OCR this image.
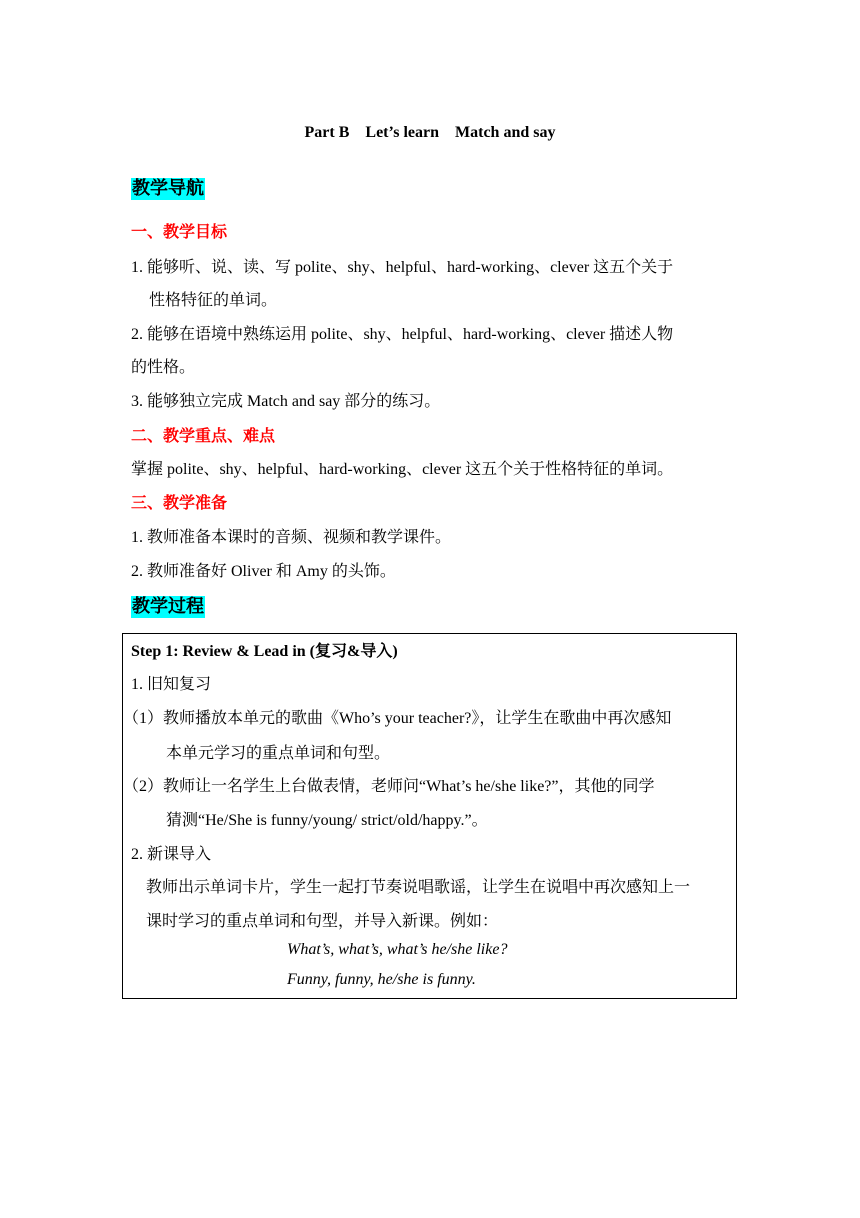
Part B    Let’s learn    Match and say
教学导航
一、教学目标
1. 能够听、说、读、写 polite、shy、helpful、hard-working、clever 这五个关于
性格特征的单词。
2. 能够在语境中熟练运用 polite、shy、helpful、hard-working、clever 描述人物
的性格。
3. 能够独立完成 Match and say 部分的练习。
二、教学重点、难点
掌握 polite、shy、helpful、hard-working、clever 这五个关于性格特征的单词。
三、教学准备
1. 教师准备本课时的音频、视频和教学课件。
2. 教师准备好 Oliver 和 Amy 的头饰。
教学过程
Step 1: Review & Lead in (复习&导入)
1. 旧知复习
（1）教师播放本单元的歌曲《Who’s your teacher?》，让学生在歌曲中再次感知
本单元学习的重点单词和句型。
（2）教师让一名学生上台做表情，老师问“What’s he/she like?”，其他的同学
猜测“He/She is funny/young/ strict/old/happy.”。
2. 新课导入
教师出示单词卡片，学生一起打节奏说唱歌谣，让学生在说唱中再次感知上一
课时学习的重点单词和句型，并导入新课。例如：
What’s, what’s, what’s he/she like?
Funny, funny, he/she is funny.
